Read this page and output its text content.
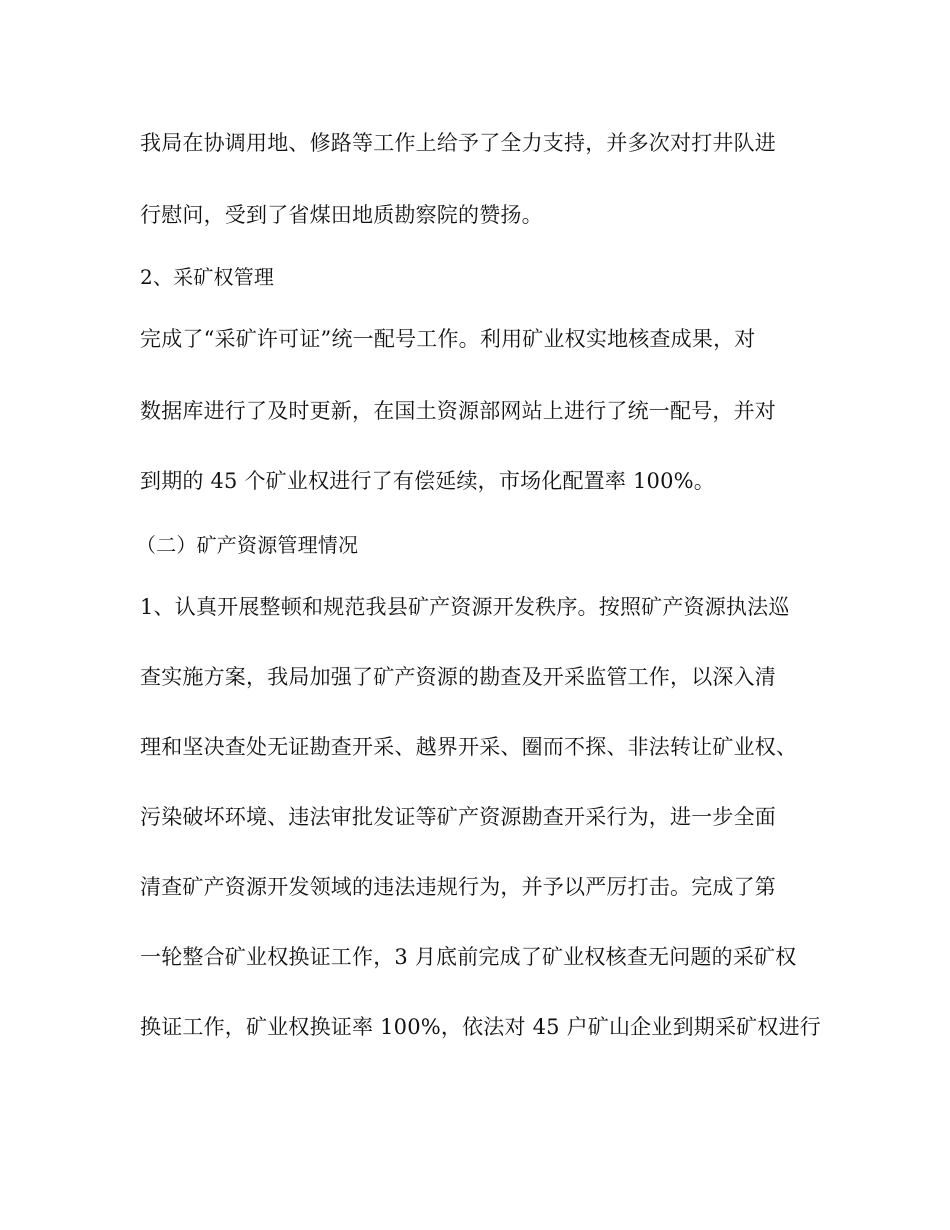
我局在协调用地、修路等工作上给予了全力支持，并多次对打井队进
行慰问，受到了省煤田地质勘察院的赞扬。
2、采矿权管理
完成了“采矿许可证”统一配号工作。利用矿业权实地核查成果，对
数据库进行了及时更新，在国土资源部网站上进行了统一配号，并对
到期的 45 个矿业权进行了有偿延续，市场化配置率 100%。
（二）矿产资源管理情况
1、认真开展整顿和规范我县矿产资源开发秩序。按照矿产资源执法巡
查实施方案，我局加强了矿产资源的勘查及开采监管工作，以深入清
理和坚决查处无证勘查开采、越界开采、圈而不探、非法转让矿业权、
污染破坏环境、违法审批发证等矿产资源勘查开采行为，进一步全面
清查矿产资源开发领域的违法违规行为，并予以严厉打击。完成了第
一轮整合矿业权换证工作，3 月底前完成了矿业权核查无问题的采矿权
换证工作，矿业权换证率 100%，依法对 45 户矿山企业到期采矿权进行
